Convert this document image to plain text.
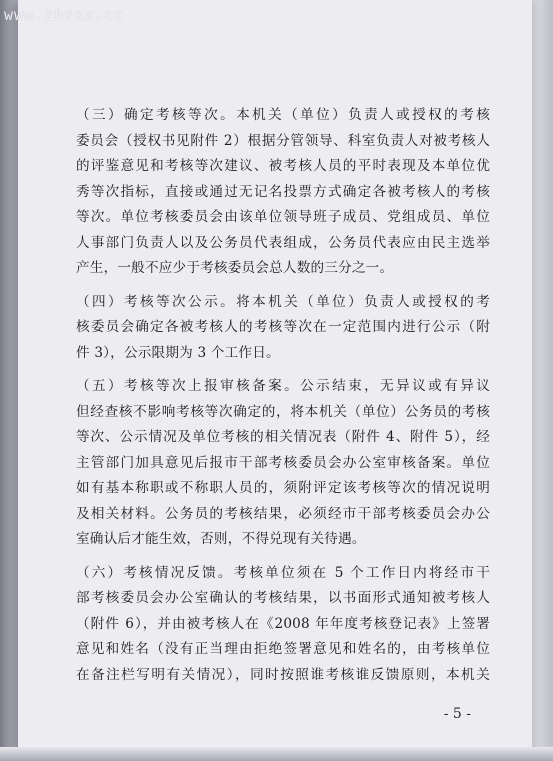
www.zhssx.cc
（三）确定考核等次。本机关（单位）负责人或授权的考核
委员会（授权书见附件 2）根据分管领导、科室负责人对被考核人
的评鉴意见和考核等次建议、被考核人员的平时表现及本单位优
秀等次指标，直接或通过无记名投票方式确定各被考核人的考核
等次。单位考核委员会由该单位领导班子成员、党组成员、单位
人事部门负责人以及公务员代表组成，公务员代表应由民主选举
产生，一般不应少于考核委员会总人数的三分之一。
（四）考核等次公示。将本机关（单位）负责人或授权的考
核委员会确定各被考核人的考核等次在一定范围内进行公示（附
件 3），公示限期为 3 个工作日。
（五）考核等次上报审核备案。公示结束，无异议或有异议
但经查核不影响考核等次确定的，将本机关（单位）公务员的考核
等次、公示情况及单位考核的相关情况表（附件 4、附件 5），经
主管部门加具意见后报市干部考核委员会办公室审核备案。单位
如有基本称职或不称职人员的，须附评定该考核等次的情况说明
及相关材料。公务员的考核结果，必须经市干部考核委员会办公
室确认后才能生效，否则，不得兑现有关待遇。
（六）考核情况反馈。考核单位须在 5 个工作日内将经市干
部考核委员会办公室确认的考核结果，以书面形式通知被考核人
（附件 6），并由被考核人在《2008 年年度考核登记表》上签署
意见和姓名（没有正当理由拒绝签署意见和姓名的，由考核单位
在备注栏写明有关情况），同时按照谁考核谁反馈原则，本机关
- 5 -
